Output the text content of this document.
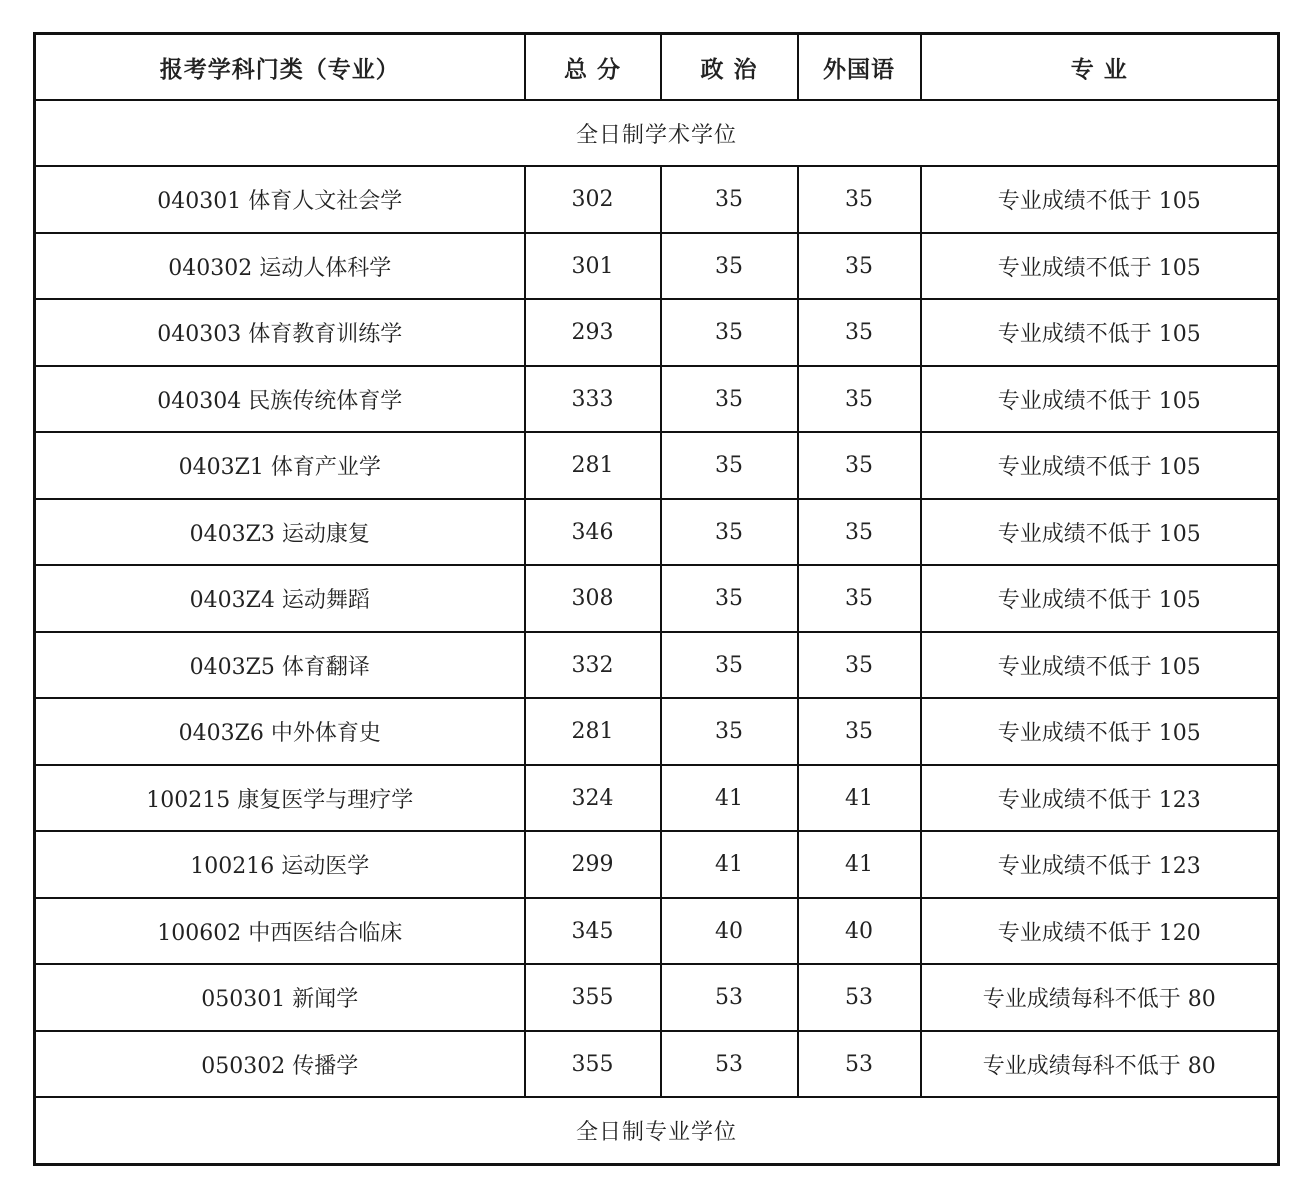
报考学科门类（专业）	总 分	政 治	外国语	专 业
全日制学术学位				
040301 体育人文社会学	302	35	35	专业成绩不低于 105
040302 运动人体科学	301	35	35	专业成绩不低于 105
040303 体育教育训练学	293	35	35	专业成绩不低于 105
040304 民族传统体育学	333	35	35	专业成绩不低于 105
0403Z1 体育产业学	281	35	35	专业成绩不低于 105
0403Z3 运动康复	346	35	35	专业成绩不低于 105
0403Z4 运动舞蹈	308	35	35	专业成绩不低于 105
0403Z5 体育翻译	332	35	35	专业成绩不低于 105
0403Z6 中外体育史	281	35	35	专业成绩不低于 105
100215 康复医学与理疗学	324	41	41	专业成绩不低于 123
100216 运动医学	299	41	41	专业成绩不低于 123
100602 中西医结合临床	345	40	40	专业成绩不低于 120
050301 新闻学	355	53	53	专业成绩每科不低于 80
050302 传播学	355	53	53	专业成绩每科不低于 80
全日制专业学位				
